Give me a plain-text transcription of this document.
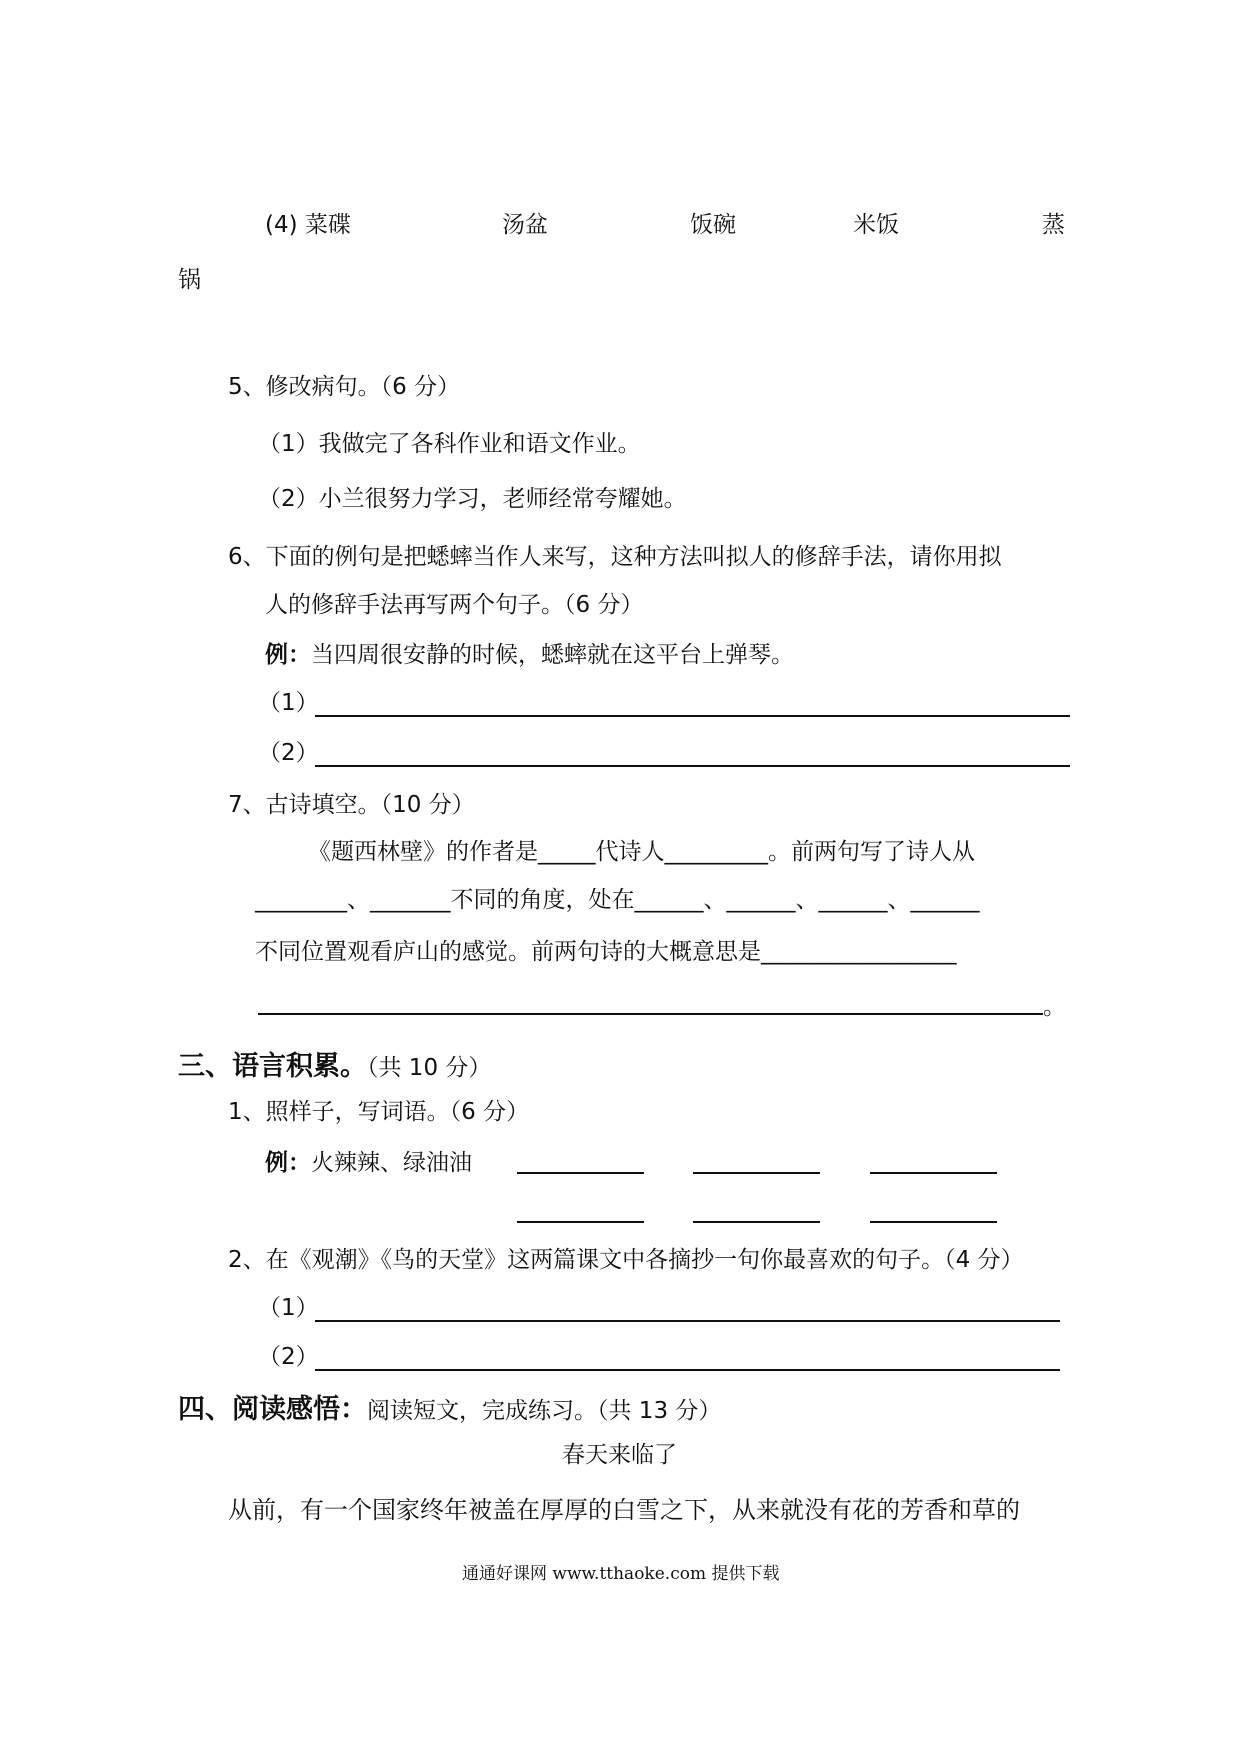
(4) 菜碟	汤盆	饭碗	米饭	蒸
锅
5、修改病句。（6 分）
（1）我做完了各科作业和语文作业。
（2）小兰很努力学习，老师经常夸耀她。
6、下面的例句是把蟋蟀当作人来写，这种方法叫拟人的修辞手法，请你用拟
人的修辞手法再写两个句子。（6 分）
例：当四周很安静的时候，蟋蟀就在这平台上弹琴。
（1）
（2）
7、古诗填空。（10 分）
《题西林壁》的作者是_____代诗人_________。前两句写了诗人从
________、_______不同的角度，处在______、______、______、______
不同位置观看庐山的感觉。前两句诗的大概意思是_________________
。
三、语言积累。（共 10 分）
1、照样子，写词语。（6 分）
例：火辣辣、绿油油
2、在《观潮》《鸟的天堂》这两篇课文中各摘抄一句你最喜欢的句子。（4 分）
（1）
（2）
四、阅读感悟：阅读短文，完成练习。（共 13 分）
春天来临了
从前，有一个国家终年被盖在厚厚的白雪之下，从来就没有花的芳香和草的
通通好课网 www.tthaoke.com 提供下载
